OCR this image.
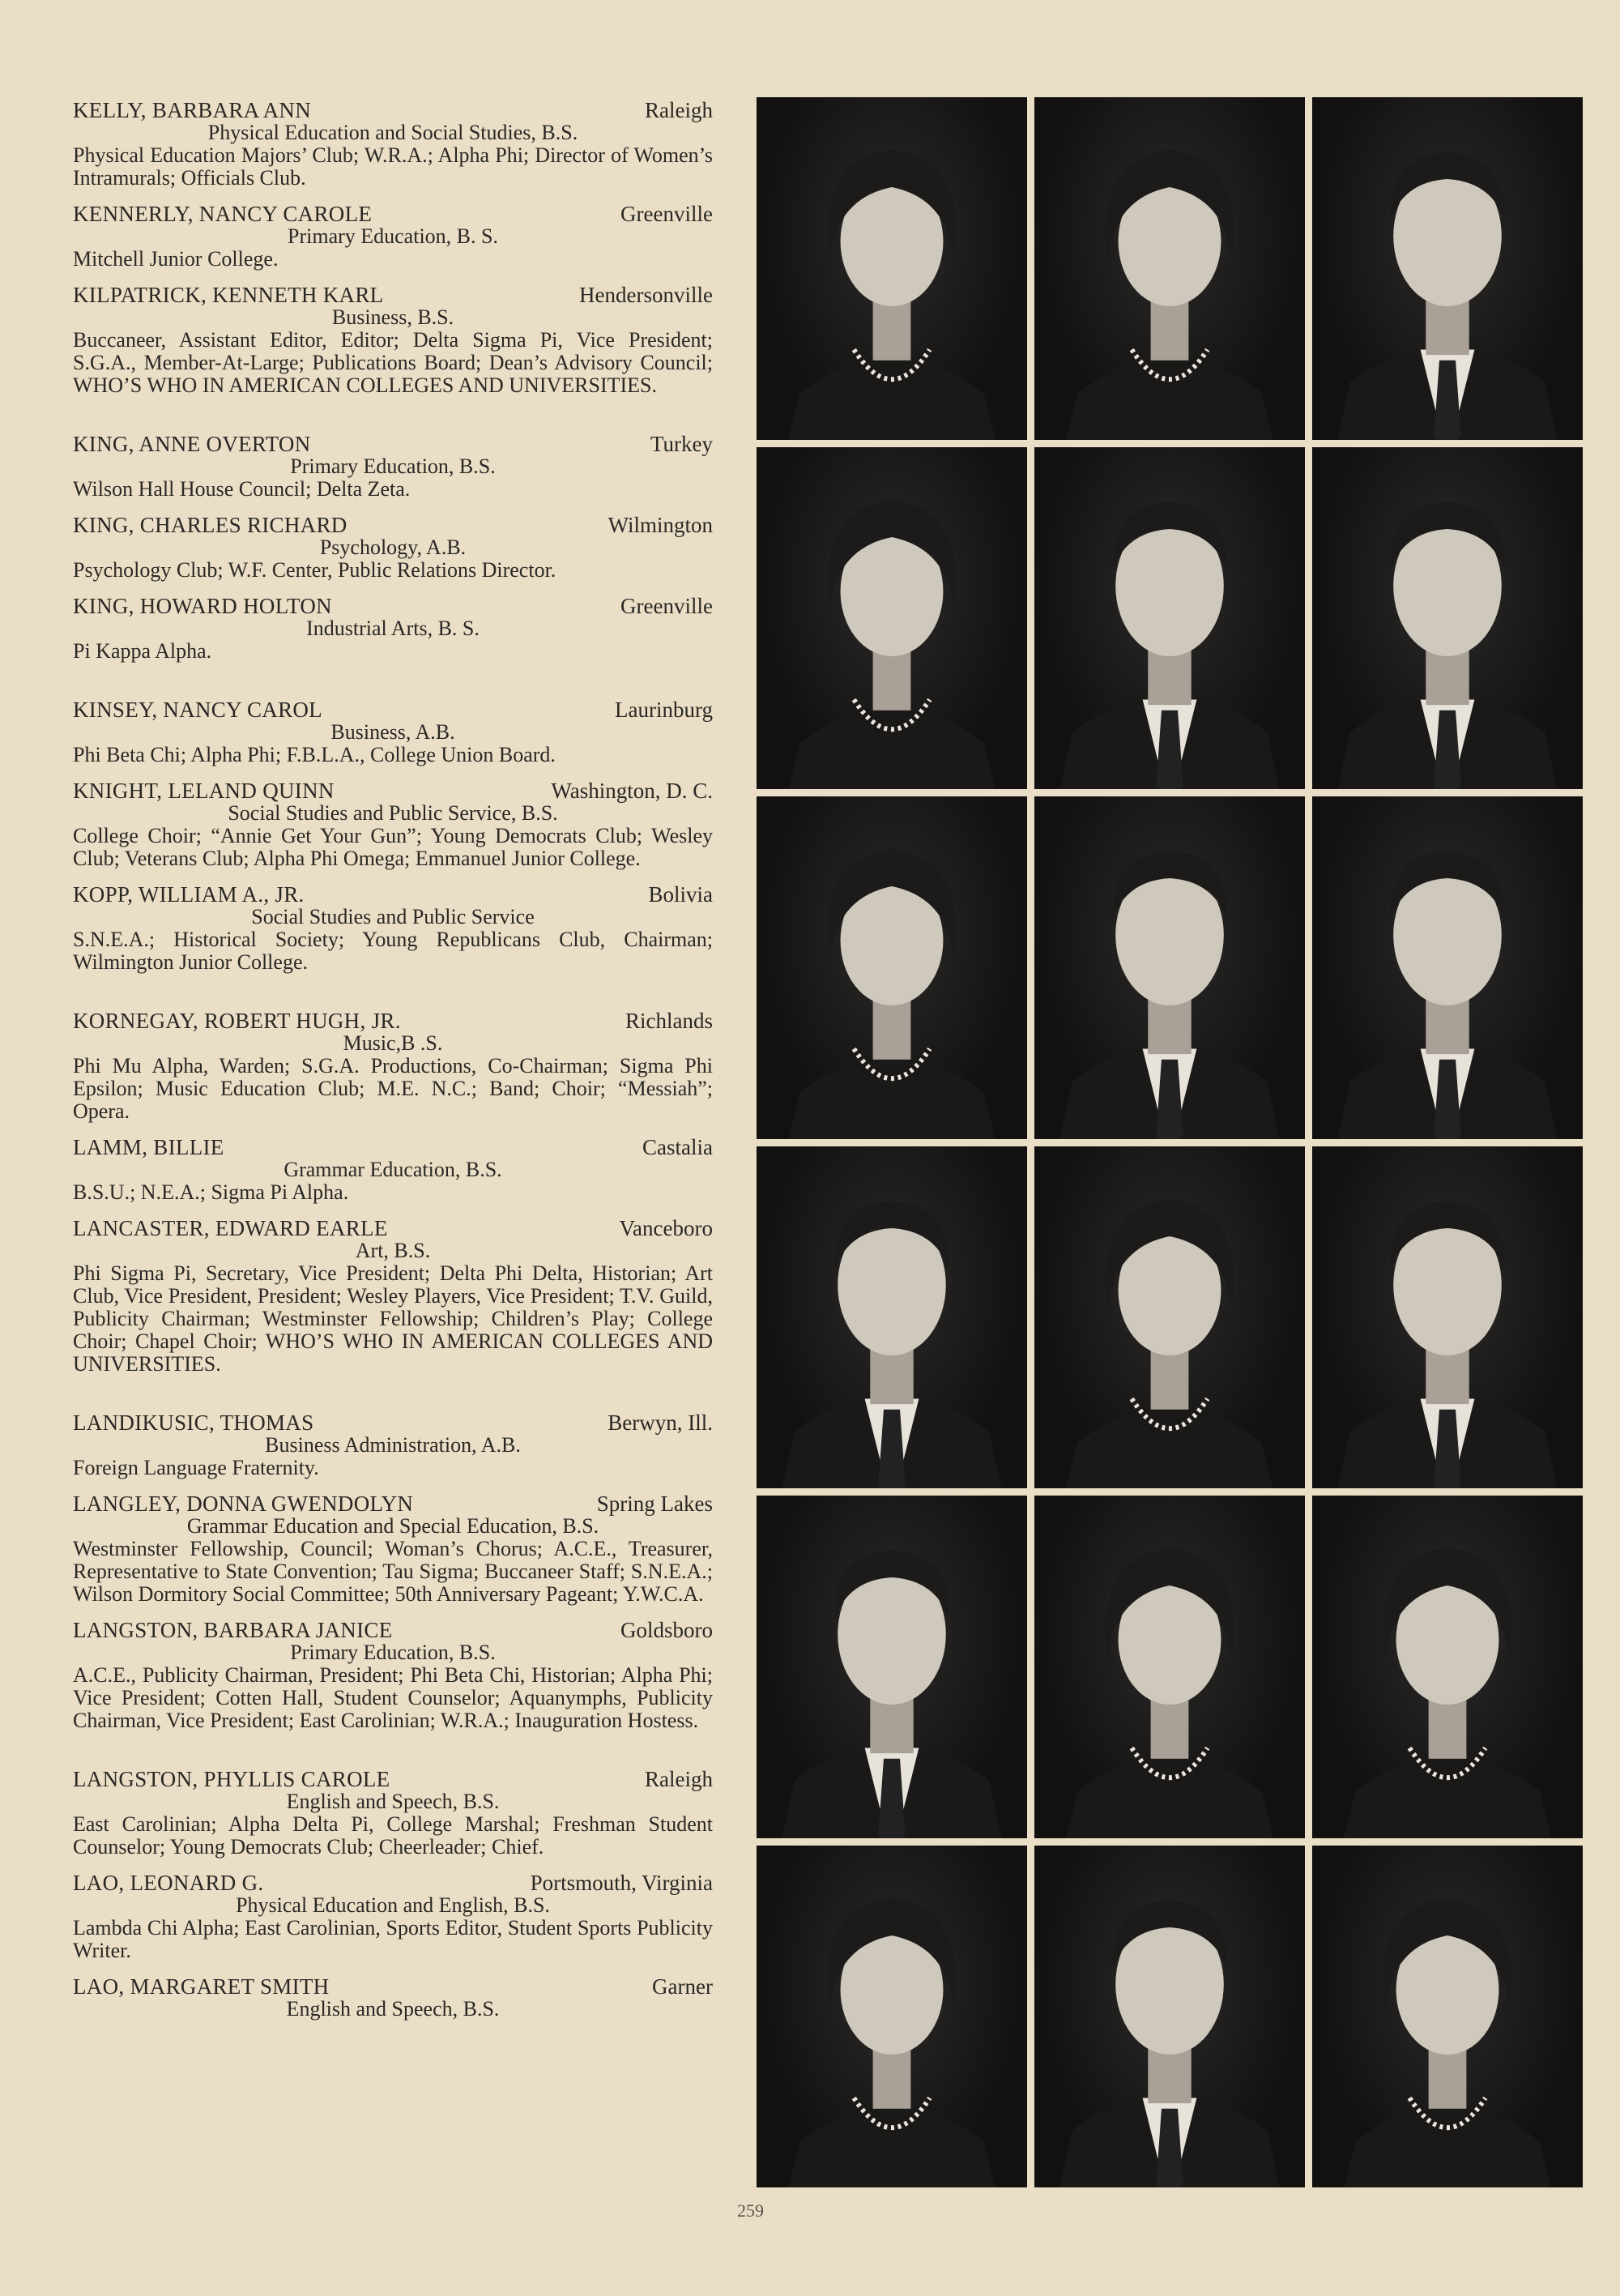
KELLY, BARBARA ANN	Raleigh
Physical Education and Social Studies, B.S.
Physical Education Majors’ Club; W.R.A.; Alpha Phi; Director of Women’s Intramurals; Officials Club.
KENNERLY, NANCY CAROLE	Greenville
Primary Education, B. S.
Mitchell Junior College.
KILPATRICK, KENNETH KARL	Hendersonville
Business, B.S.
Buccaneer, Assistant Editor, Editor; Delta Sigma Pi, Vice President; S.G.A., Member-At-Large; Publications Board; Dean’s Advisory Council; WHO’S WHO IN AMERICAN COLLEGES AND UNIVERSITIES.
KING, ANNE OVERTON	Turkey
Primary Education, B.S.
Wilson Hall House Council; Delta Zeta.
KING, CHARLES RICHARD	Wilmington
Psychology, A.B.
Psychology Club; W.F. Center, Public Relations Director.
KING, HOWARD HOLTON	Greenville
Industrial Arts, B. S.
Pi Kappa Alpha.
KINSEY, NANCY CAROL	Laurinburg
Business, A.B.
Phi Beta Chi; Alpha Phi; F.B.L.A., College Union Board.
KNIGHT, LELAND QUINN	Washington, D. C.
Social Studies and Public Service, B.S.
College Choir; “Annie Get Your Gun”; Young Democrats Club; Wesley Club; Veterans Club; Alpha Phi Omega; Emmanuel Junior College.
KOPP, WILLIAM A., JR.	Bolivia
Social Studies and Public Service
S.N.E.A.; Historical Society; Young Republicans Club, Chairman; Wilmington Junior College.
KORNEGAY, ROBERT HUGH, JR.	Richlands
Music,B .S.
Phi Mu Alpha, Warden; S.G.A. Productions, Co-Chairman; Sigma Phi Epsilon; Music Education Club; M.E. N.C.; Band; Choir; “Messiah”; Opera.
LAMM, BILLIE	Castalia
Grammar Education, B.S.
B.S.U.; N.E.A.; Sigma Pi Alpha.
LANCASTER, EDWARD EARLE	Vanceboro
Art, B.S.
Phi Sigma Pi, Secretary, Vice President; Delta Phi Delta, Historian; Art Club, Vice President, President; Wesley Players, Vice President; T.V. Guild, Publicity Chairman; Westminster Fellowship; Children’s Play; College Choir; Chapel Choir; WHO’S WHO IN AMERICAN COLLEGES AND UNIVERSITIES.
LANDIKUSIC, THOMAS	Berwyn, Ill.
Business Administration, A.B.
Foreign Language Fraternity.
LANGLEY, DONNA GWENDOLYN	Spring Lakes
Grammar Education and Special Education, B.S.
Westminster Fellowship, Council; Woman’s Chorus; A.C.E., Treasurer, Representative to State Convention; Tau Sigma; Buccaneer Staff; S.N.E.A.; Wilson Dormitory Social Committee; 50th Anniversary Pageant; Y.W.C.A.
LANGSTON, BARBARA JANICE	Goldsboro
Primary Education, B.S.
A.C.E., Publicity Chairman, President; Phi Beta Chi, Historian; Alpha Phi; Vice President; Cotten Hall, Student Counselor; Aquanymphs, Publicity Chairman, Vice President; East Carolinian; W.R.A.; Inauguration Hostess.
LANGSTON, PHYLLIS CAROLE	Raleigh
English and Speech, B.S.
East Carolinian; Alpha Delta Pi, College Marshal; Freshman Student Counselor; Young Democrats Club; Cheerleader; Chief.
LAO, LEONARD G.	Portsmouth, Virginia
Physical Education and English, B.S.
Lambda Chi Alpha; East Carolinian, Sports Editor, Student Sports Publicity Writer.
LAO, MARGARET SMITH	Garner
English and Speech, B.S.
259
